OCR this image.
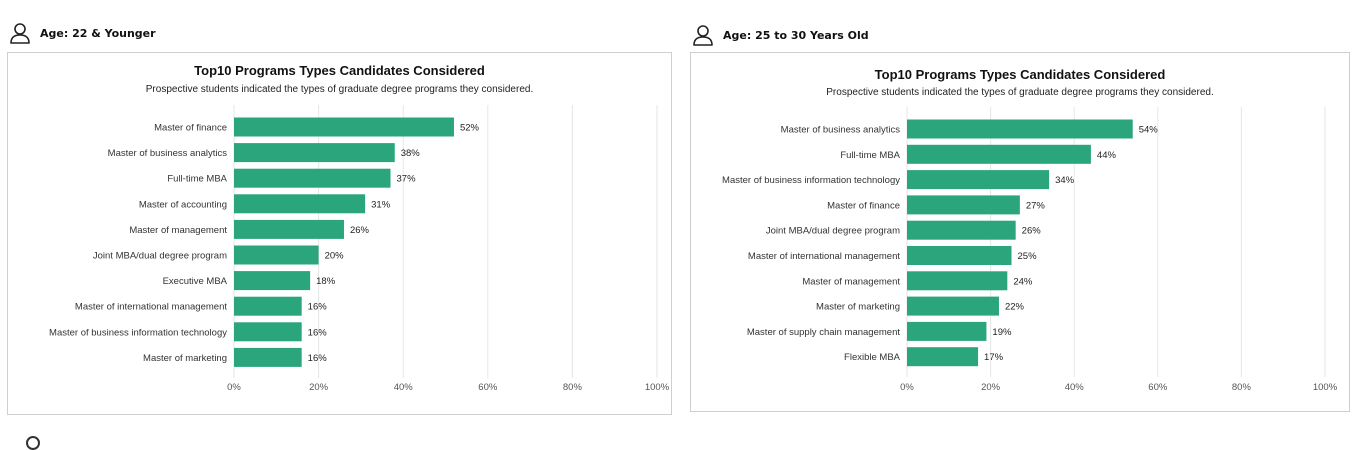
Age: 22 & Younger
Top10 Programs Types Candidates Considered
Prospective students indicated the types of graduate degree programs they considered.
0%	20%	40%	60%	80%	100%
Master of finance	52%
Master of business analytics	38%
Full-time MBA	37%
Master of accounting	31%
Master of management	26%
Joint MBA/dual degree program	20%
Executive MBA	18%
Master of international management	16%
Master of business information technology	16%
Master of marketing	16%
Age: 25 to 30 Years Old
Top10 Programs Types Candidates Considered
Prospective students indicated the types of graduate degree programs they considered.
0%	20%	40%	60%	80%	100%
Master of business analytics	54%
Full-time MBA	44%
Master of business information technology	34%
Master of finance	27%
Joint MBA/dual degree program	26%
Master of international management	25%
Master of management	24%
Master of marketing	22%
Master of supply chain management	19%
Flexible MBA	17%
